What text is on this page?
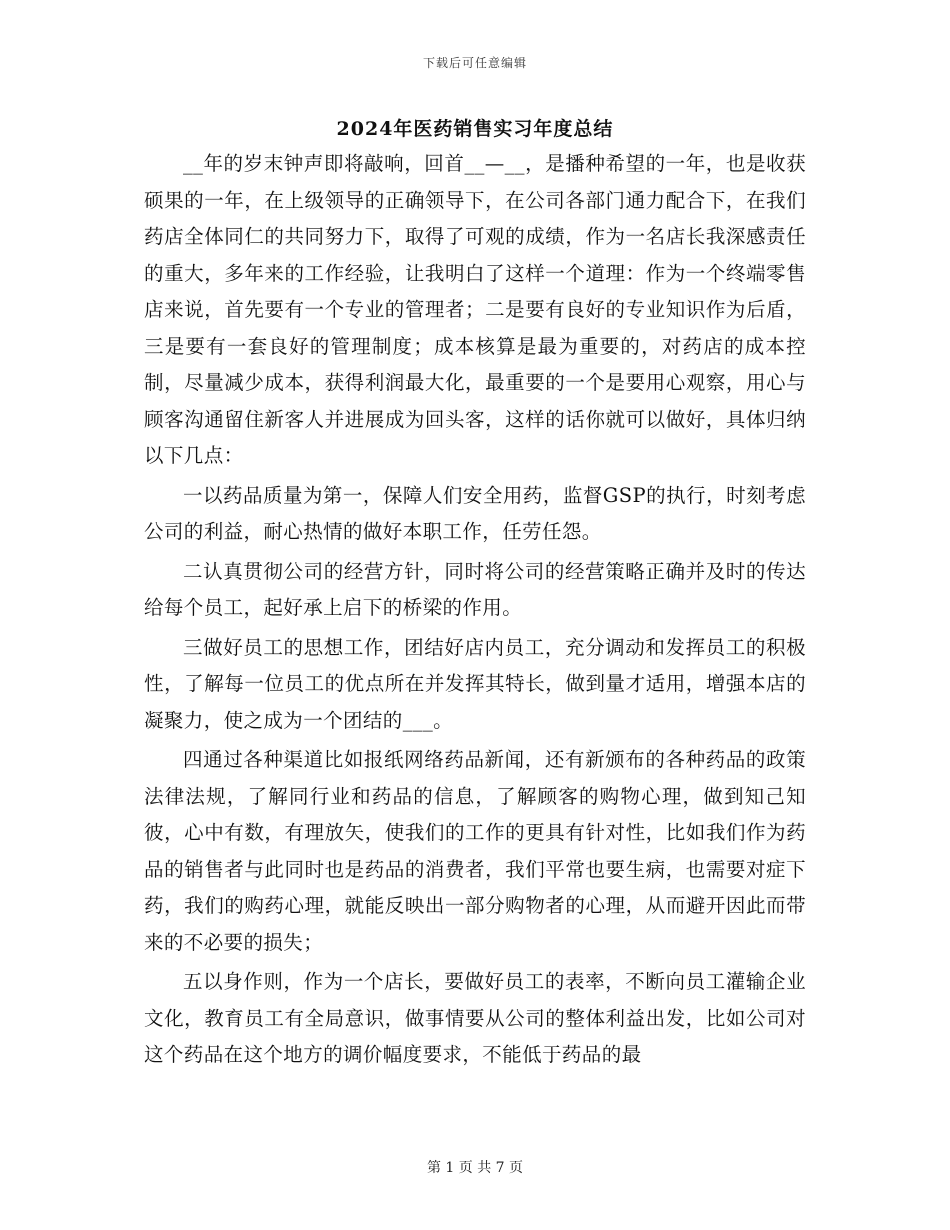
下载后可任意编辑
2024年医药销售实习年度总结

__年的岁末钟声即将敲响，回首__—__，是播种希望的一年，也是收获硕果的一年，在上级领导的正确领导下，在公司各部门通力配合下，在我们药店全体同仁的共同努力下，取得了可观的成绩，作为一名店长我深感责任的重大，多年来的工作经验，让我明白了这样一个道理：作为一个终端零售店来说，首先要有一个专业的管理者；二是要有良好的专业知识作为后盾，三是要有一套良好的管理制度；成本核算是最为重要的，对药店的成本控制，尽量减少成本，获得利润最大化，最重要的一个是要用心观察，用心与顾客沟通留住新客人并进展成为回头客，这样的话你就可以做好，具体归纳以下几点：

一以药品质量为第一，保障人们安全用药，监督GSP的执行，时刻考虑公司的利益，耐心热情的做好本职工作，任劳任怨。

二认真贯彻公司的经营方针，同时将公司的经营策略正确并及时的传达给每个员工，起好承上启下的桥梁的作用。

三做好员工的思想工作，团结好店内员工，充分调动和发挥员工的积极性，了解每一位员工的优点所在并发挥其特长，做到量才适用，增强本店的凝聚力，使之成为一个团结的___。

四通过各种渠道比如报纸网络药品新闻，还有新颁布的各种药品的政策法律法规，了解同行业和药品的信息，了解顾客的购物心理，做到知己知彼，心中有数，有理放矢，使我们的工作的更具有针对性，比如我们作为药品的销售者与此同时也是药品的消费者，我们平常也要生病，也需要对症下药，我们的购药心理，就能反映出一部分购物者的心理，从而避开因此而带来的不必要的损失；

五以身作则，作为一个店长，要做好员工的表率，不断向员工灌输企业文化，教育员工有全局意识，做事情要从公司的整体利益出发，比如公司对这个药品在这个地方的调价幅度要求，不能低于药品的最

第 1 页 共 7 页
